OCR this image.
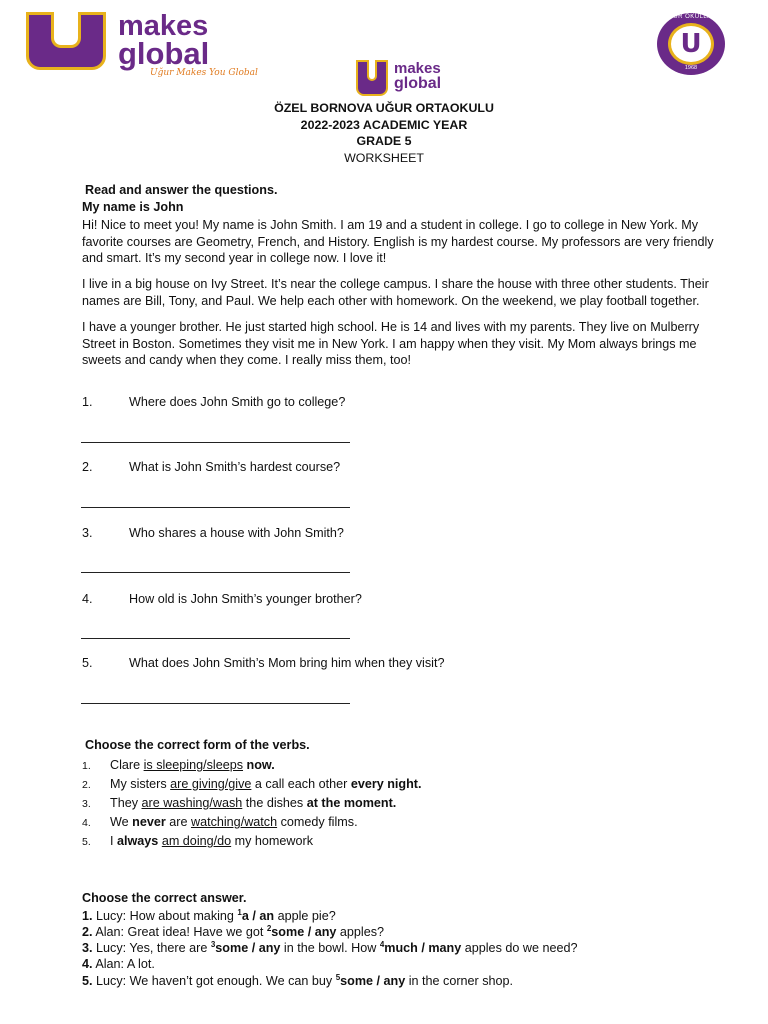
makes
global
Uğur Makes You Global
UĞUR OKULLARI
U
1968
makes
global
ÖZEL BORNOVA UĞUR ORTAOKULU
2022-2023 ACADEMIC YEAR
GRADE 5
WORKSHEET
Read and answer the questions.
My name is John
Hi! Nice to meet you! My name is John Smith. I am 19 and a student in college. I go to college in New York. My favorite courses are Geometry, French, and History. English is my hardest course. My professors are very friendly and smart. It’s my second year in college now. I love it!
I live in a big house on Ivy Street. It’s near the college campus. I share the house with three other students. Their names are Bill, Tony, and Paul. We help each other with homework. On the weekend, we play football together.
I have a younger brother. He just started high school. He is 14 and lives with my parents. They live on Mulberry Street in Boston. Sometimes they visit me in New York. I am happy when they visit. My Mom always brings me sweets and candy when they come. I really miss them, too!
1.	Where does John Smith go to college?
2.	What is John Smith’s hardest course?
3.	Who shares a house with John Smith?
4.	How old is John Smith’s younger brother?
5.	What does John Smith’s Mom bring him when they visit?
Choose the correct form of the verbs.
1. Clare is sleeping/sleeps now.
2. My sisters are giving/give a call each other every night.
3. They are washing/wash the dishes at the moment.
4. We never are watching/watch comedy films.
5. I always am doing/do my homework
Choose the correct answer.
1. Lucy: How about making $^1$a / an apple pie?
2. Alan: Great idea! Have we got $^2$some / any apples?
3. Lucy: Yes, there are $^3$some / any in the bowl. How $^4$much / many apples do we need?
4. Alan: A lot.
5. Lucy: We haven’t got enough. We can buy $^5$some / any in the corner shop.
